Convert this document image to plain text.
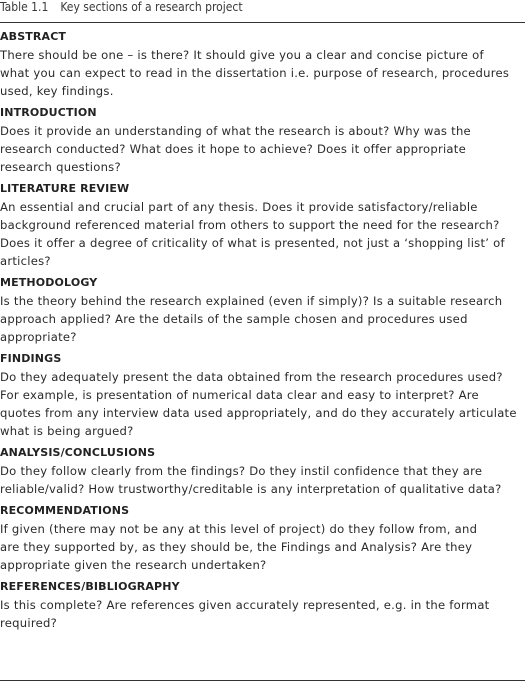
Table 1.1 Key sections of a research project
ABSTRACT

There should be one – is there? It should give you a clear and concise picture of
what you can expect to read in the dissertation i.e. purpose of research, procedures
used, key findings.

INTRODUCTION

Does it provide an understanding of what the research is about? Why was the
research conducted? What does it hope to achieve? Does it offer appropriate
research questions?

LITERATURE REVIEW

An essential and crucial part of any thesis. Does it provide satisfactory/reliable
background referenced material from others to support the need for the research?
Does it offer a degree of criticality of what is presented, not just a ‘shopping list’ of
articles?

METHODOLOGY

Is the theory behind the research explained (even if simply)? Is a suitable research
approach applied? Are the details of the sample chosen and procedures used
appropriate?

FINDINGS

Do they adequately present the data obtained from the research procedures used?
For example, is presentation of numerical data clear and easy to interpret? Are
quotes from any interview data used appropriately, and do they accurately articulate
what is being argued?

ANALYSIS/CONCLUSIONS

Do they follow clearly from the findings? Do they instil confidence that they are
reliable/valid? How trustworthy/creditable is any interpretation of qualitative data?

RECOMMENDATIONS

If given (there may not be any at this level of project) do they follow from, and
are they supported by, as they should be, the Findings and Analysis? Are they
appropriate given the research undertaken?

REFERENCES/BIBLIOGRAPHY

Is this complete? Are references given accurately represented, e.g. in the format
required?
